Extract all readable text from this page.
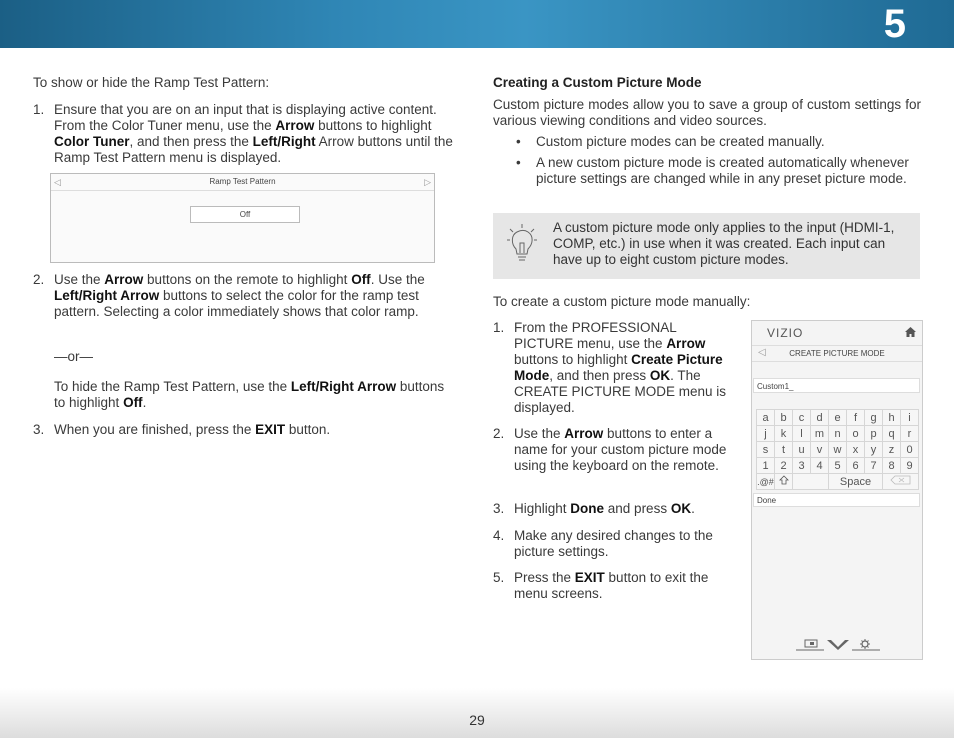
5
To show or hide the Ramp Test Pattern:
1. Ensure that you are on an input that is displaying active content. From the Color Tuner menu, use the Arrow buttons to highlight Color Tuner, and then press the Left/Right Arrow buttons until the Ramp Test Pattern menu is displayed.
◁	Ramp Test Pattern	▷
Off
2. Use the Arrow buttons on the remote to highlight Off. Use the Left/Right Arrow buttons to select the color for the ramp test pattern. Selecting a color immediately shows that color ramp.
—or—
To hide the Ramp Test Pattern, use the Left/Right Arrow buttons to highlight Off.
3. When you are finished, press the EXIT button.
Creating a Custom Picture Mode
Custom picture modes allow you to save a group of custom settings for various viewing conditions and video sources.
• Custom picture modes can be created manually.
• A new custom picture mode is created automatically whenever picture settings are changed while in any preset picture mode.
A custom picture mode only applies to the input (HDMI-1, COMP, etc.) in use when it was created. Each input can have up to eight custom picture modes.
To create a custom picture mode manually:
1. From the PROFESSIONAL PICTURE menu, use the Arrow buttons to highlight Create Picture Mode, and then press OK. The CREATE PICTURE MODE menu is displayed.
2. Use the Arrow buttons to enter a name for your custom picture mode using the keyboard on the remote.
3. Highlight Done and press OK.
4. Make any desired changes to the picture settings.
5. Press the EXIT button to exit the menu screens.
VIZIO
◁	CREATE PICTURE MODE
Custom1_
a	b	c	d	e	f	g	h	i
j	k	l	m	n	o	p	q	r
s	t	u	v	w	x	y	z	0
1	2	3	4	5	6	7	8	9
.@#				Space	
Done
29
